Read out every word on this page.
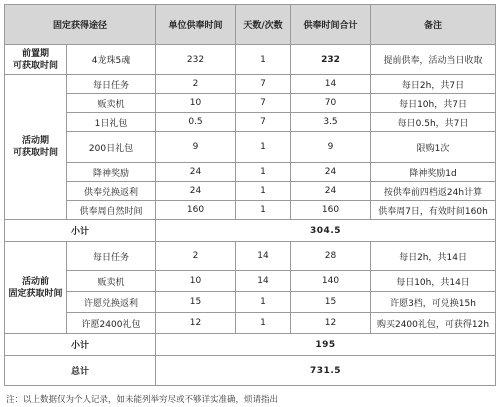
固定获得途径		单位供奉时间	天数/次数	供奉时间合计	备注
前置期
可获取时间	4龙珠5魂	232	1	232	提前供奉，活动当日收取
活动期
可获取时间	每日任务	2	7	14	每日2h，共7日
	贩卖机	10	7	70	每日10h，共7日
	1日礼包	0.5	7	3.5	每日0.5h，共7日
	200日礼包	9	1	9	限购1次
	降神奖励	24	1	24	降神奖励1d
	供奉兑换返利	24	1	24	按供奉前四档返24h计算
	供奉周自然时间	160	1	160	供奉周7日，有效时间160h
小计		304.5			
活动前
固定获取时间	每日任务	2	14	28	每日2h，共14日
	贩卖机	10	14	140	每日10h，共14日
	许愿兑换返利	15	1	15	许愿3档，可兑换15h
	许愿2400礼包	12	1	12	购买2400礼包，可获得12h
小计		195			
总计		731.5			
注：以上数据仅为个人记录，如未能列举穷尽或不够详实准确，烦请指出
